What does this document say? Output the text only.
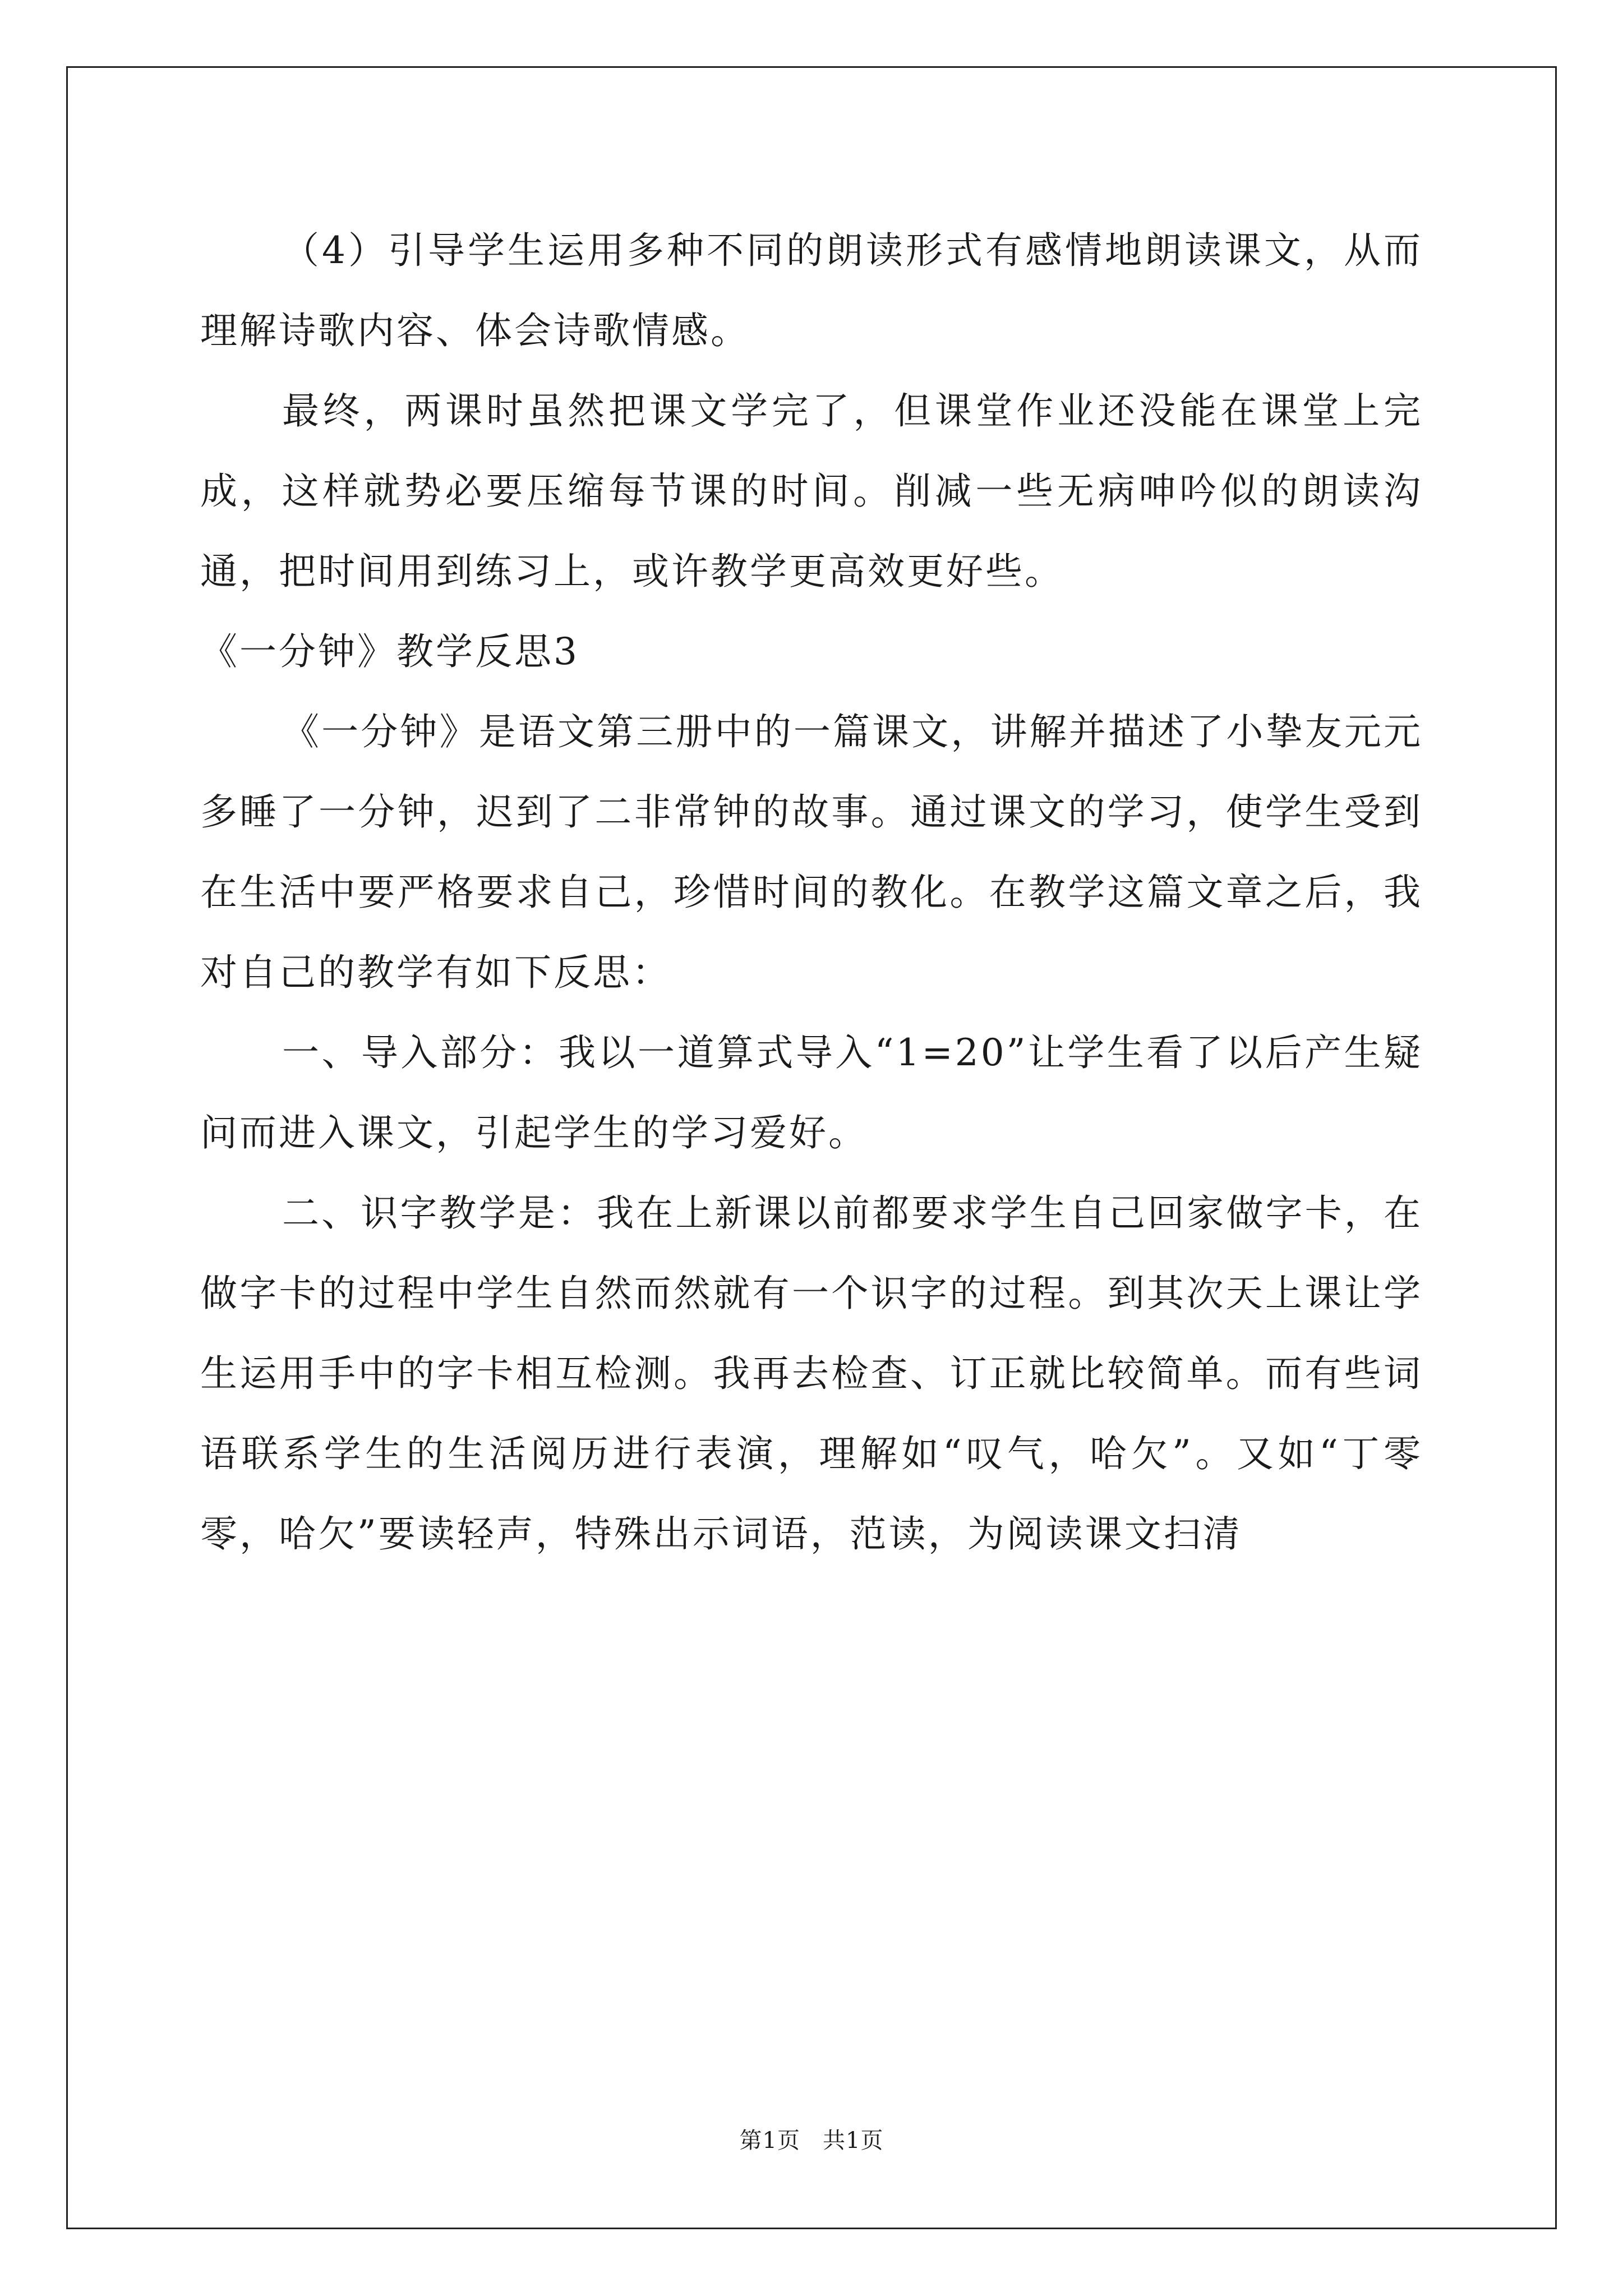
（4）引导学生运用多种不同的朗读形式有感情地朗读课文，从而理解诗歌内容、体会诗歌情感。

最终，两课时虽然把课文学完了，但课堂作业还没能在课堂上完成，这样就势必要压缩每节课的时间。削减一些无病呻吟似的朗读沟通，把时间用到练习上，或许教学更高效更好些。

《一分钟》教学反思3

《一分钟》是语文第三册中的一篇课文，讲解并描述了小挚友元元多睡了一分钟，迟到了二非常钟的故事。通过课文的学习，使学生受到在生活中要严格要求自己，珍惜时间的教化。在教学这篇文章之后，我对自己的教学有如下反思：

一、导入部分：我以一道算式导入“1=20”让学生看了以后产生疑问而进入课文，引起学生的学习爱好。

二、识字教学是：我在上新课以前都要求学生自己回家做字卡，在做字卡的过程中学生自然而然就有一个识字的过程。到其次天上课让学生运用手中的字卡相互检测。我再去检查、订正就比较简单。而有些词语联系学生的生活阅历进行表演，理解如“叹气，哈欠”。又如“丁零零，哈欠”要读轻声，特殊出示词语，范读，为阅读课文扫清

第1页 共1页
